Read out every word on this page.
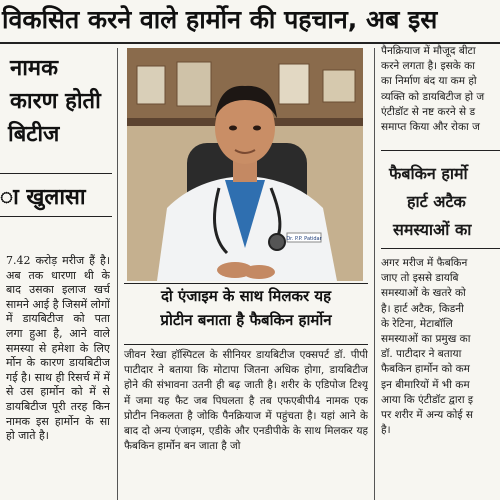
विकसित करने वाले हार्मोन की पहचान, अब इस
नामक
कारण होती
बिटीज
ा खुलासा
7.42 करोड़ मरीज हैं है। अब तक धारणा थी के बाद उसका इलाज खर्च सामने आई है जिसमें लोगों में डायबिटीज को पता लगा हुआ है, आने वाले समस्या से हमेशा के लिए र्मोन के कारण डायबिटीज गई है। साथ ही रिसर्च में में से उस हार्मोन को में से डायबिटीज पूरी तरह किन नामक इस हार्मोन के सा हो जाते है।
Dr. P.P. Patidar
दो एंजाइम के साथ मिलकर यह
प्रोटीन बनाता है फैबकिन हार्मोन
जीवन रेखा हॉस्पिटल के सीनियर डायबिटीज एक्सपर्ट डॉ. पीपी पाटीदार ने बताया कि मोटापा जितना अधिक होगा, डायबिटीज होने की संभावना उतनी ही बढ़ जाती है। शरीर के एडिपोज टिश्यू में जमा यह फैट जब पिघलता है तब एफएबीपी4 नामक एक प्रोटीन निकलता है जोकि पैनक्रियाज में पहुंचता है। यहां आने के बाद दो अन्य एंजाइम, एडीके और एनडीपीके के साथ मिलकर यह फैबकिन हार्मोन बन जाता है जो
पैनक्रियाज में मौजूद बीटा
करने लगता है। इसके का
का निर्माण बंद या कम हो
व्यक्ति को डायबिटीज हो ज
एंटीडॉट से नष्ट करने से ड
समाप्त किया और रोका ज
फैबकिन हार्मो
हार्ट अटैक
समस्याओं का
अगर मरीज में फैबकिन
जाए तो इससे डायबि
समस्याओं के खतरे को
है। हार्ट अटैक, किडनी
के रेटिना, मेटाबॉलि
समस्याओं का प्रमुख का
डॉ. पाटीदार ने बताया
फैबकिन हार्मोन को कम
इन बीमारियों में भी कम
आया कि एंटीडॉट द्वारा इ
पर शरीर में अन्य कोई स
है।
